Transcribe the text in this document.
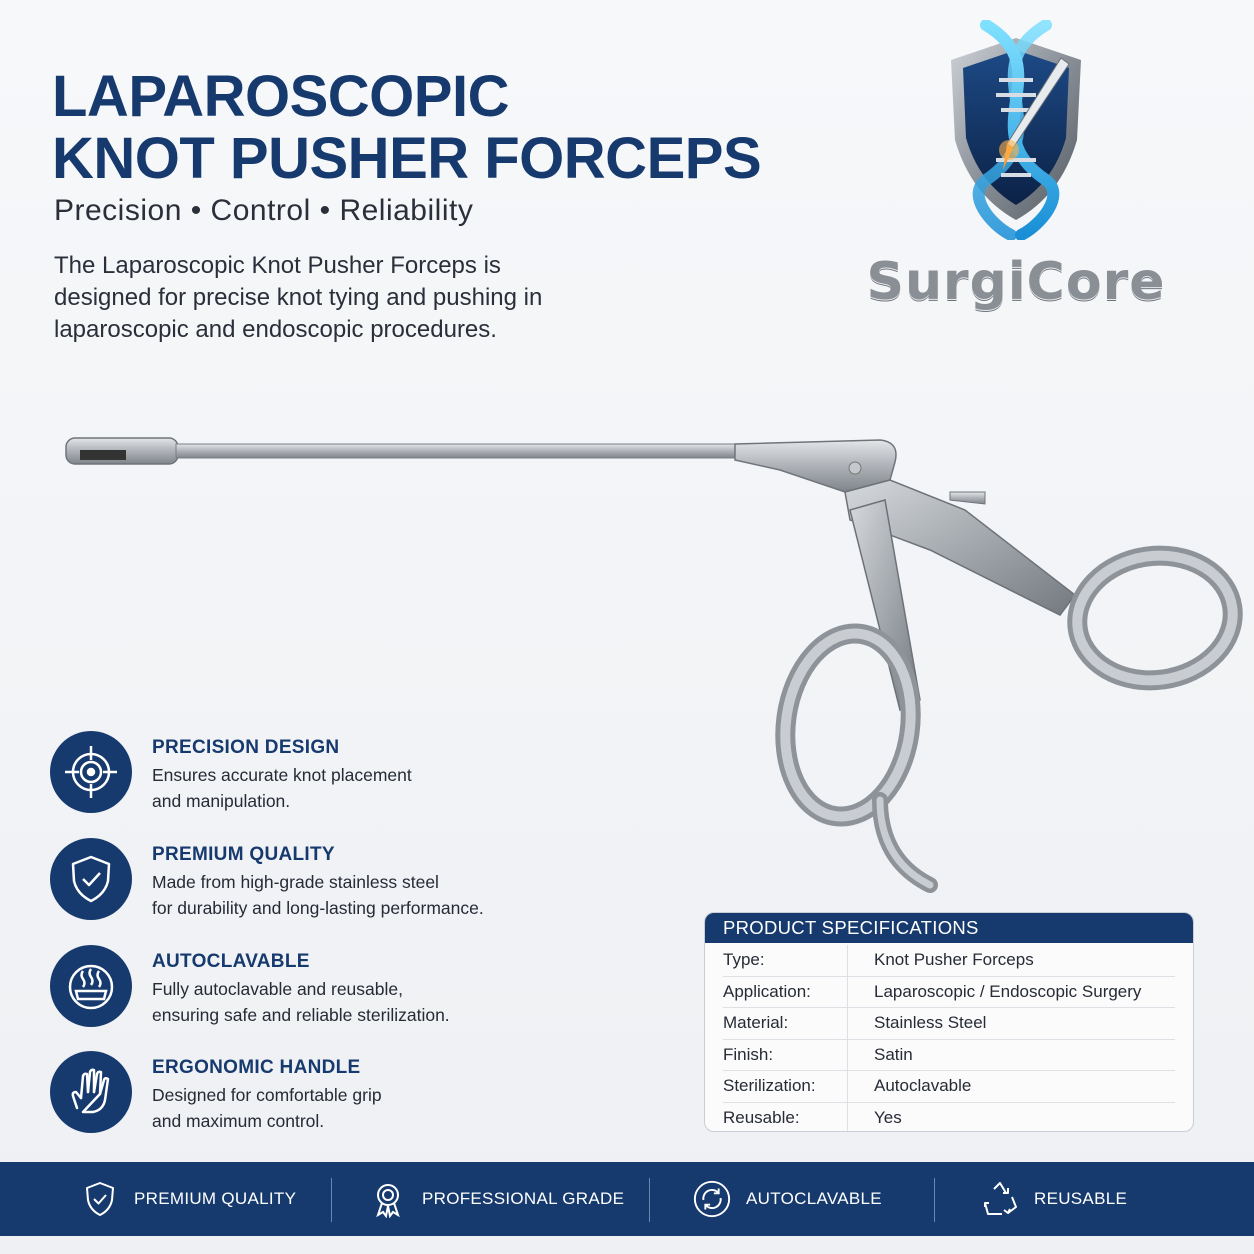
LAPAROSCOPIC
KNOT PUSHER FORCEPS
Precision • Control • Reliability
The Laparoscopic Knot Pusher Forceps is designed for precise knot tying and pushing in laparoscopic and endoscopic procedures.
SurgiCore
PRECISION DESIGN
Ensures accurate knot placement
and manipulation.
PREMIUM QUALITY
Made from high-grade stainless steel
for durability and long-lasting performance.
AUTOCLAVABLE
Fully autoclavable and reusable,
ensuring safe and reliable sterilization.
ERGONOMIC HANDLE
Designed for comfortable grip
and maximum control.
PRODUCT SPECIFICATIONS
Type:	Knot Pusher Forceps
Application:	Laparoscopic / Endoscopic Surgery
Material:	Stainless Steel
Finish:	Satin
Sterilization:	Autoclavable
Reusable:	Yes
PREMIUM QUALITY	PROFESSIONAL GRADE	AUTOCLAVABLE	REUSABLE
